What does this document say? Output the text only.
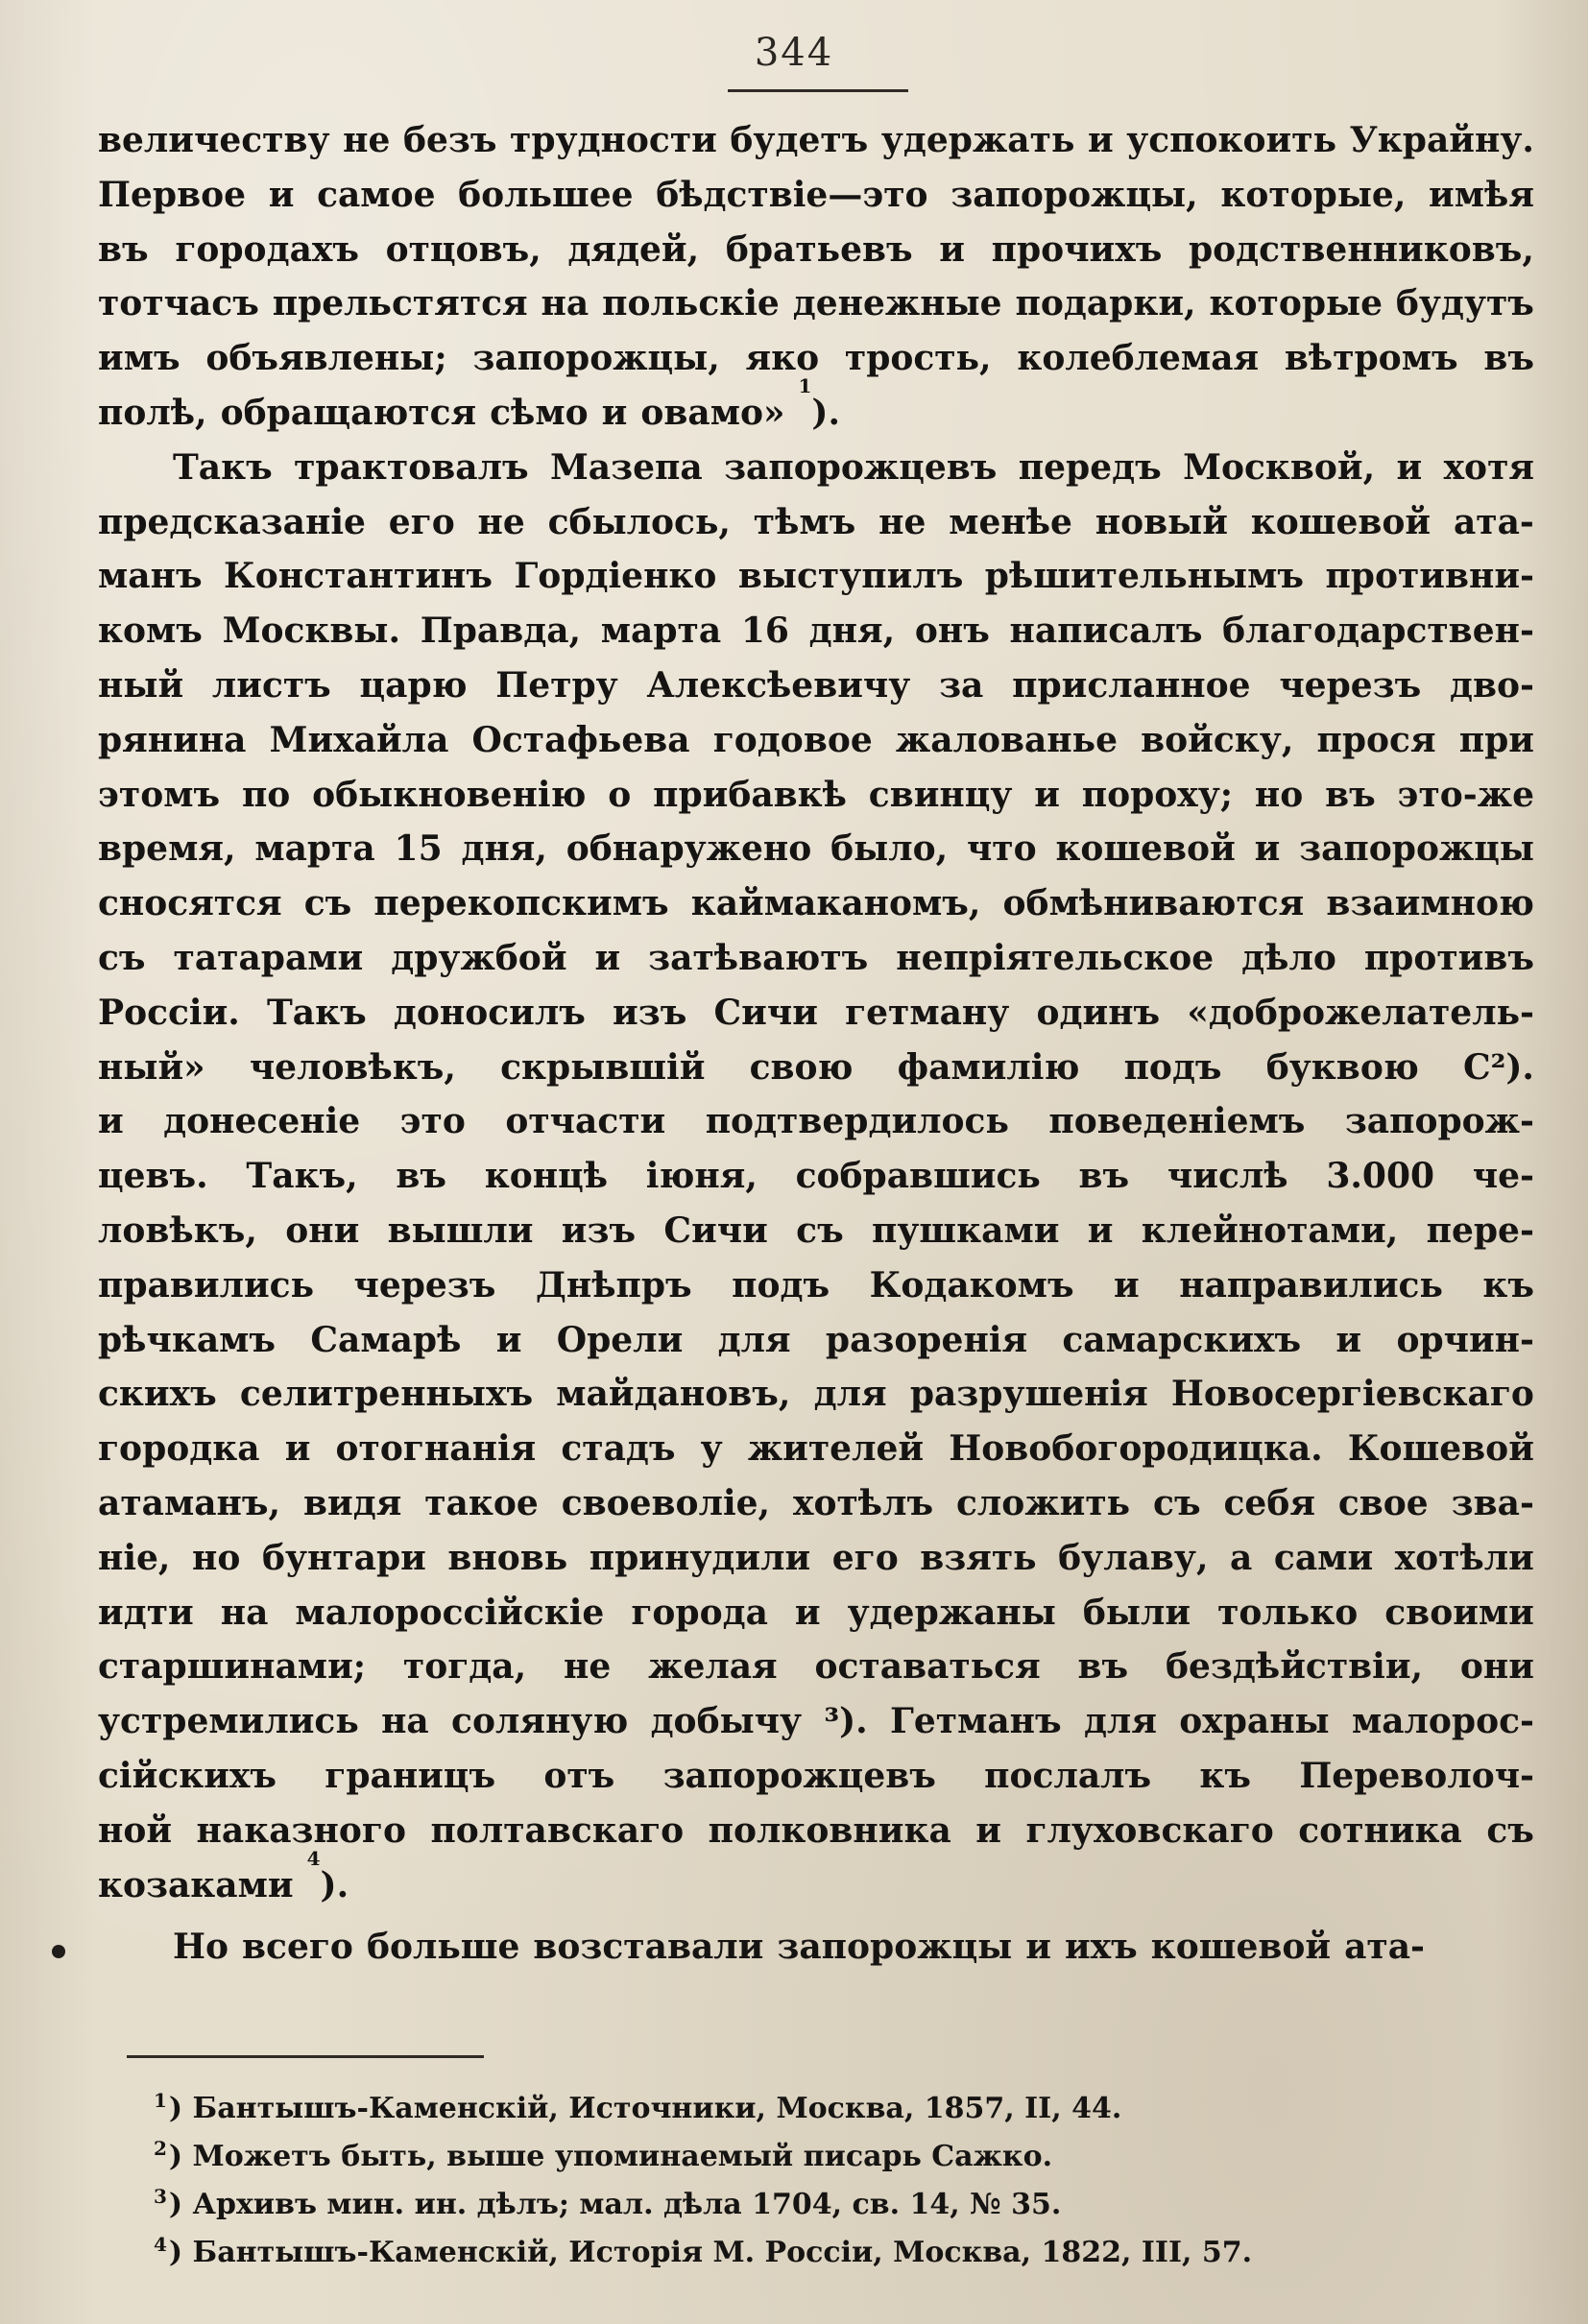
344
величеству не безъ трудности будетъ удержать и успокоить Украйну.
Первое и самое большее бѣдствіе—это запорожцы, которые, имѣя
въ городахъ отцовъ, дядей, братьевъ и прочихъ родственниковъ,
тотчасъ прельстятся на польскіе денежные подарки, которые будутъ
имъ объявлены; запорожцы, яко трость, колеблемая вѣтромъ въ
полѣ, обращаются сѣмо и овамо»
1
).
Такъ трактовалъ Мазепа запорожцевъ передъ Москвой, и хотя
предсказаніе его не сбылось, тѣмъ не менѣе новый кошевой ата-
манъ Константинъ Гордіенко выступилъ рѣшительнымъ противни-
комъ Москвы. Правда, марта 16 дня, онъ написалъ благодарствен-
ный листъ царю Петру Алексѣевичу за присланное черезъ дво-
рянина Михайла Остафьева годовое жалованье войску, прося при
этомъ по обыкновенію о прибавкѣ свинцу и пороху; но въ это-же
время, марта 15 дня, обнаружено было, что кошевой и запорожцы
сносятся съ перекопскимъ каймаканомъ, обмѣниваются взаимною
съ татарами дружбой и затѣваютъ непріятельское дѣло противъ
Россіи. Такъ доносилъ изъ Сичи гетману одинъ «доброжелатель-
ный» человѣкъ, скрывшій свою фамилію подъ буквою С²).
и донесеніе это отчасти подтвердилось поведеніемъ запорож-
цевъ. Такъ, въ концѣ іюня, собравшись въ числѣ 3.000 че-
ловѣкъ, они вышли изъ Сичи съ пушками и клейнотами, пере-
правились черезъ Днѣпръ подъ Кодакомъ и направились къ
рѣчкамъ Самарѣ и Орели для разоренія самарскихъ и орчин-
скихъ селитренныхъ майдановъ, для разрушенія Новосергіевскаго
городка и отогнанія стадъ у жителей Новобогородицка. Кошевой
атаманъ, видя такое своеволіе, хотѣлъ сложить съ себя свое зва-
ніе, но бунтари вновь принудили его взять булаву, а сами хотѣли
идти на малороссійскіе города и удержаны были только своими
старшинами; тогда, не желая оставаться въ бездѣйствіи, они
устремились на соляную добычу ³). Гетманъ для охраны малорос-
сійскихъ границъ отъ запорожцевъ послалъ къ Переволоч-
ной наказного полтавскаго полковника и глуховскаго сотника съ
козаками
4
).
Но всего больше возставали запорожцы и ихъ кошевой ата-
$^1$) Бантышъ-Каменскій, Источники, Москва, 1857, II, 44.
$^2$) Можетъ быть, выше упоминаемый писарь Сажко.
$^3$) Архивъ мин. ин. дѣлъ; мал. дѣла 1704, св. 14, № 35.
$^4$) Бантышъ-Каменскій, Исторія М. Россіи, Москва, 1822, III, 57.
